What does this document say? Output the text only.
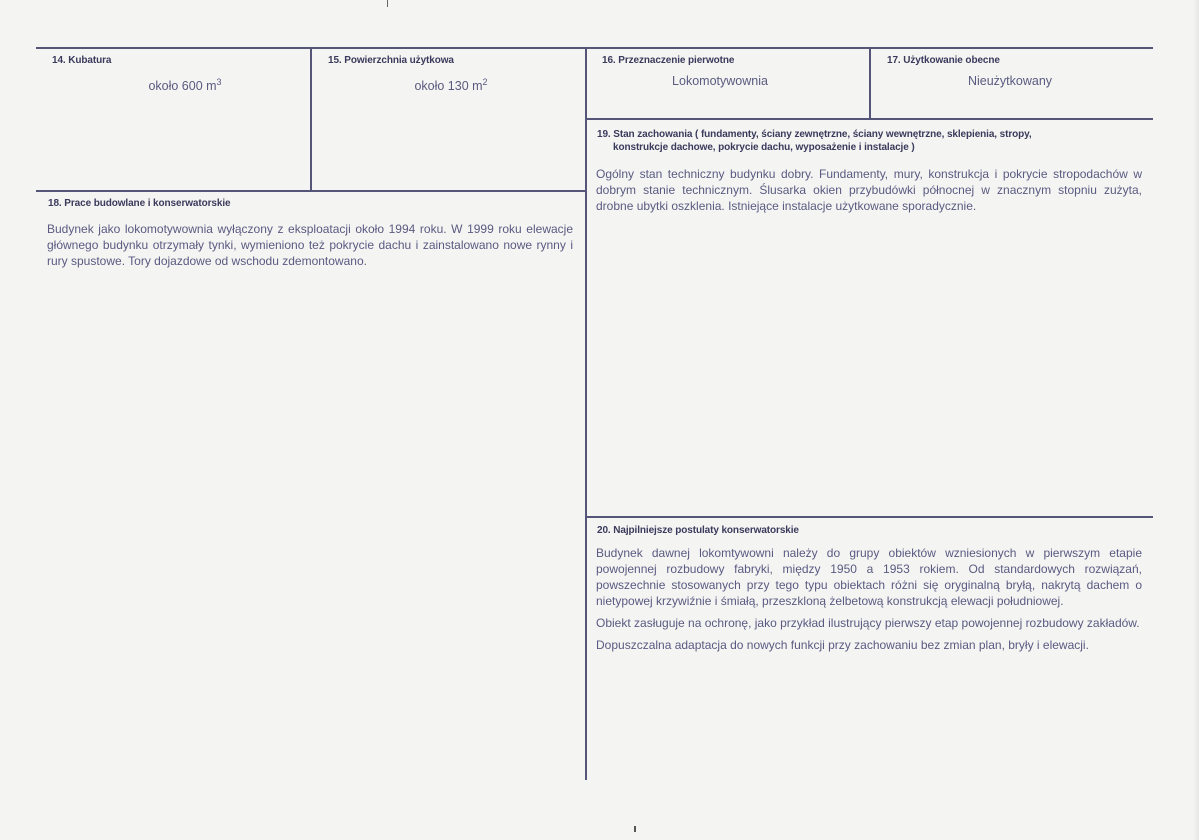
14. Kubatura
około 600 $m^3$
15. Powierzchnia użytkowa
około 130 $m^2$
16. Przeznaczenie pierwotne
Lokomotywownia
17. Użytkowanie obecne
Nieużytkowany
19. Stan zachowania ( fundamenty, ściany zewnętrzne, ściany wewnętrzne, sklepienia, stropy,
konstrukcje dachowe, pokrycie dachu, wyposażenie i instalacje )
Ogólny stan techniczny budynku dobry. Fundamenty, mury, konstrukcja i pokrycie stropodachów w dobrym stanie technicznym. Ślusarka okien przybudówki północnej w znacznym stopniu zużyta, drobne ubytki oszklenia. Istniejące instalacje użytkowane sporadycznie.
18. Prace budowlane i konserwatorskie
Budynek jako lokomotywownia wyłączony z eksploatacji około 1994 roku. W 1999 roku elewacje głównego budynku otrzymały tynki, wymieniono też pokrycie dachu i zainstalowano nowe rynny i rury spustowe. Tory dojazdowe od wschodu zdemontowano.
20. Najpilniejsze postulaty konserwatorskie

Budynek dawnej lokomtywowni należy do grupy obiektów wzniesionych w pierwszym etapie powojennej rozbudowy fabryki, między 1950 a 1953 rokiem. Od standardowych rozwiązań, powszechnie stosowanych przy tego typu obiektach różni się oryginalną bryłą, nakrytą dachem o nietypowej krzywiźnie i śmiałą, przeszkloną żelbetową konstrukcją elewacji południowej.

Obiekt zasługuje na ochronę, jako przykład ilustrujący pierwszy etap powojennej rozbudowy zakładów.

Dopuszczalna adaptacja do nowych funkcji przy zachowaniu bez zmian plan, bryły i elewacji.
